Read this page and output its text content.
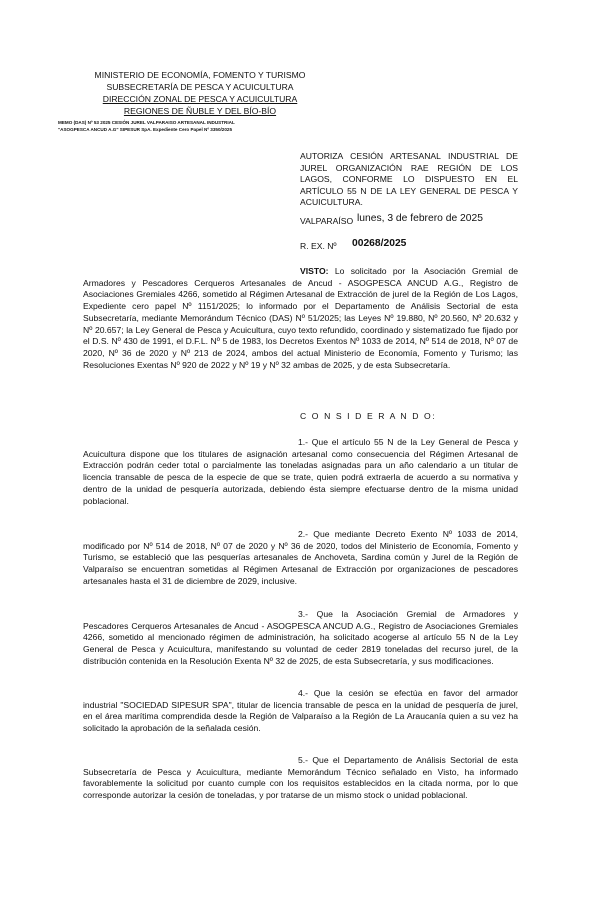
MINISTERIO DE ECONOMÍA, FOMENTO Y TURISMO
SUBSECRETARÍA DE PESCA Y ACUICULTURA
DIRECCIÓN ZONAL DE PESCA Y ACUICULTURA
REGIONES DE ÑUBLE Y DEL BÍO-BÍO
MEMO (DAS) Nº 53 2025 CESIÓN JUREL VALPARAISO ARTESANAL INDUSTRIAL
"ASOGPESCA ANCUD A.G" SIPESUR SpA. Expediente Cero Papel Nº 3350/2025
AUTORIZA CESIÓN ARTESANAL INDUSTRIAL DE JUREL ORGANIZACIÓN RAE REGIÓN DE LOS LAGOS, CONFORME LO DISPUESTO EN EL ARTÍCULO 55 N DE LA LEY GENERAL DE PESCA Y ACUICULTURA.
VALPARAÍSO lunes, 3 de febrero de 2025
R. EX. Nº 00268/2025
VISTO: Lo solicitado por la Asociación Gremial de Armadores y Pescadores Cerqueros Artesanales de Ancud - ASOGPESCA ANCUD A.G., Registro de Asociaciones Gremiales 4266, sometido al Régimen Artesanal de Extracción de jurel de la Región de Los Lagos, Expediente cero papel Nº 1151/2025; lo informado por el Departamento de Análisis Sectorial de esta Subsecretaría, mediante Memorándum Técnico (DAS) Nº 51/2025; las Leyes Nº 19.880, Nº 20.560, Nº 20.632 y Nº 20.657; la Ley General de Pesca y Acuicultura, cuyo texto refundido, coordinado y sistematizado fue fijado por el D.S. Nº 430 de 1991, el D.F.L. Nº 5 de 1983, los Decretos Exentos Nº 1033 de 2014, Nº 514 de 2018, Nº 07 de 2020, Nº 36 de 2020 y Nº 213 de 2024, ambos del actual Ministerio de Economía, Fomento y Turismo; las Resoluciones Exentas Nº 920 de 2022 y Nº 19 y Nº 32 ambas de 2025, y de esta Subsecretaría.
C O N S I D E R A N D O:
1.- Que el artículo 55 N de la Ley General de Pesca y Acuicultura dispone que los titulares de asignación artesanal como consecuencia del Régimen Artesanal de Extracción podrán ceder total o parcialmente las toneladas asignadas para un año calendario a un titular de licencia transable de pesca de la especie de que se trate, quien podrá extraerla de acuerdo a su normativa y dentro de la unidad de pesquería autorizada, debiendo ésta siempre efectuarse dentro de la misma unidad poblacional.
2.- Que mediante Decreto Exento Nº 1033 de 2014, modificado por Nº 514 de 2018, Nº 07 de 2020 y Nº 36 de 2020, todos del Ministerio de Economía, Fomento y Turismo, se estableció que las pesquerías artesanales de Anchoveta, Sardina común y Jurel de la Región de Valparaíso se encuentran sometidas al Régimen Artesanal de Extracción por organizaciones de pescadores artesanales hasta el 31 de diciembre de 2029, inclusive.
3.- Que la Asociación Gremial de Armadores y Pescadores Cerqueros Artesanales de Ancud - ASOGPESCA ANCUD A.G., Registro de Asociaciones Gremiales 4266, sometido al mencionado régimen de administración, ha solicitado acogerse al artículo 55 N de la Ley General de Pesca y Acuicultura, manifestando su voluntad de ceder 2819 toneladas del recurso jurel, de la distribución contenida en la Resolución Exenta Nº 32 de 2025, de esta Subsecretaría, y sus modificaciones.
4.- Que la cesión se efectúa en favor del armador industrial "SOCIEDAD SIPESUR SPA", titular de licencia transable de pesca en la unidad de pesquería de jurel, en el área marítima comprendida desde la Región de Valparaíso a la Región de La Araucanía quien a su vez ha solicitado la aprobación de la señalada cesión.
5.- Que el Departamento de Análisis Sectorial de esta Subsecretaría de Pesca y Acuicultura, mediante Memorándum Técnico señalado en Visto, ha informado favorablemente la solicitud por cuanto cumple con los requisitos establecidos en la citada norma, por lo que corresponde autorizar la cesión de toneladas, y por tratarse de un mismo stock o unidad poblacional.
